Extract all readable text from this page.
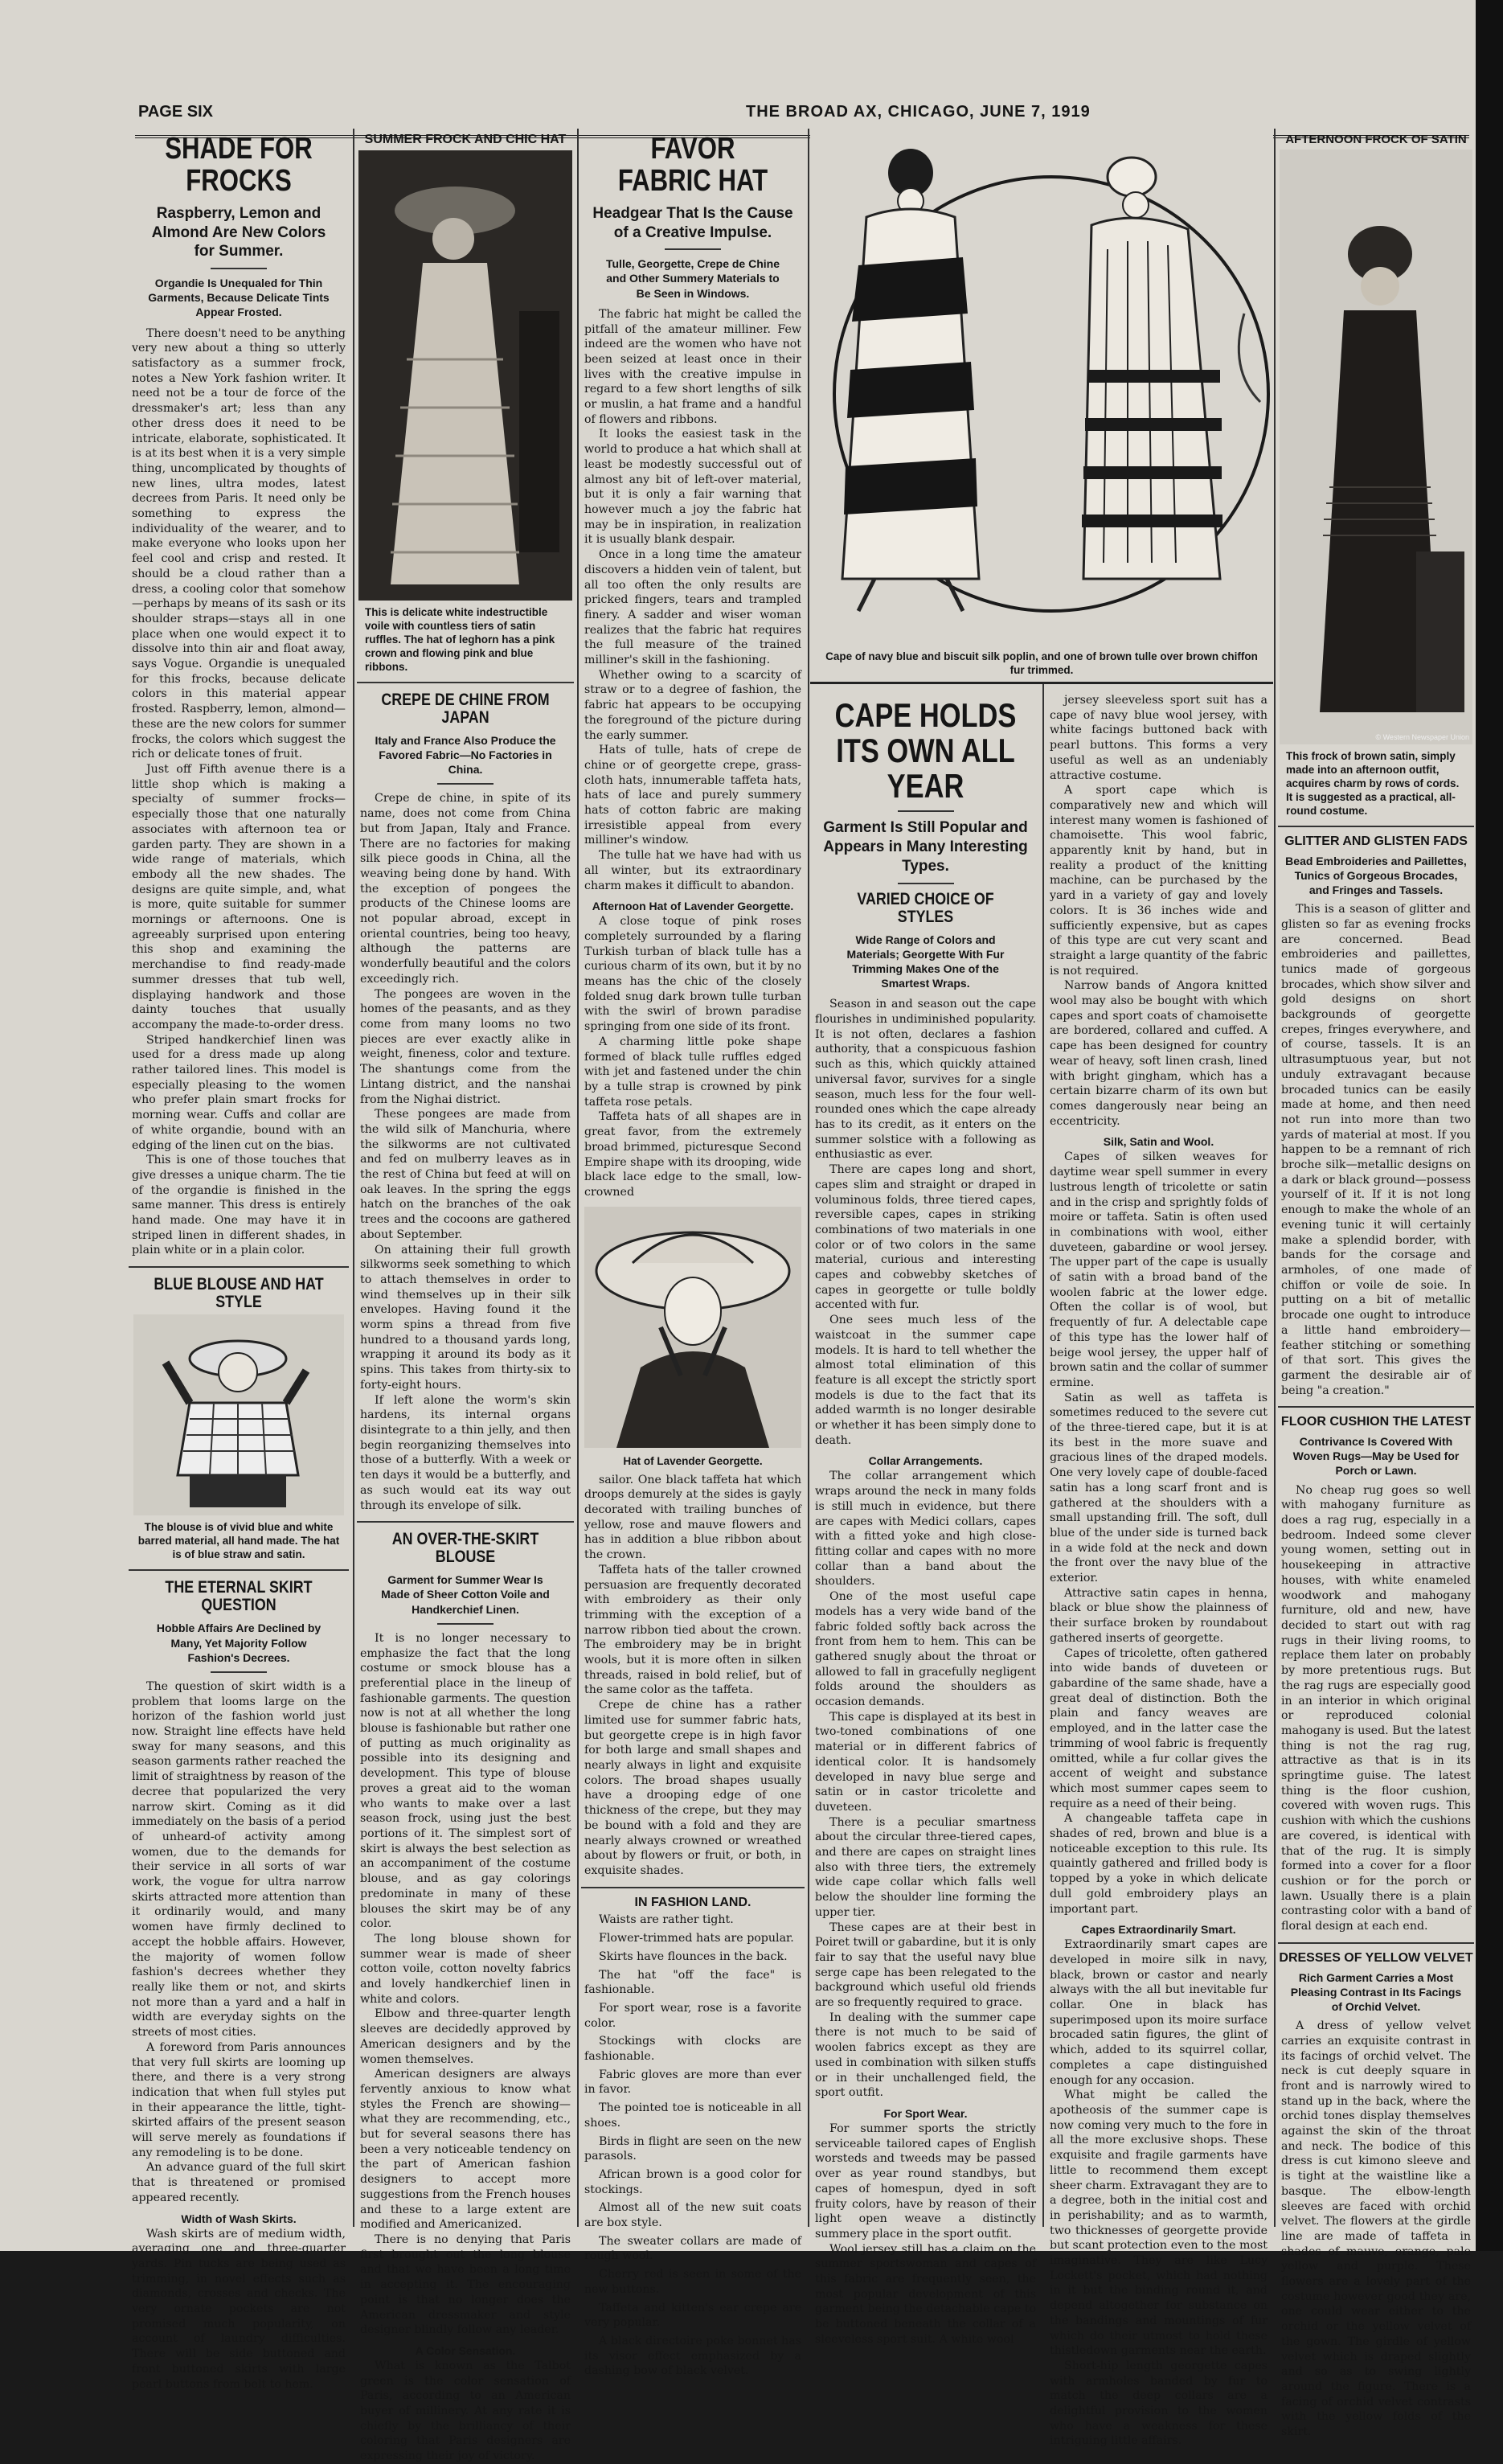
PAGE SIX	THE BROAD AX, CHICAGO, JUNE 7, 1919
SHADE FOR FROCKS
Raspberry, Lemon and Almond Are New Colors for Summer.
Organdie Is Unequaled for Thin Garments, Because Delicate Tints Appear Frosted.

There doesn't need to be anything very new about a thing so utterly satisfactory as a summer frock, notes a New York fashion writer. It need not be a tour de force of the dressmaker's art; less than any other dress does it need to be intricate, elaborate, sophisticated. It is at its best when it is a very simple thing, uncomplicated by thoughts of new lines, ultra modes, latest decrees from Paris. It need only be something to express the individuality of the wearer, and to make everyone who looks upon her feel cool and crisp and rested. It should be a cloud rather than a dress, a cooling color that somehow—perhaps by means of its sash or its shoulder straps—stays all in one place when one would expect it to dissolve into thin air and float away, says Vogue. Organdie is unequaled for this frocks, because delicate colors in this material appear frosted. Raspberry, lemon, almond—these are the new colors for summer frocks, the colors which suggest the rich or delicate tones of fruit.

Just off Fifth avenue there is a little shop which is making a specialty of summer frocks—especially those that one naturally associates with afternoon tea or garden party. They are shown in a wide range of materials, which embody all the new shades. The designs are quite simple, and, what is more, quite suitable for summer mornings or afternoons. One is agreeably surprised upon entering this shop and examining the merchandise to find ready-made summer dresses that tub well, displaying handwork and those dainty touches that usually accompany the made-to-order dress.

Striped handkerchief linen was used for a dress made up along rather tailored lines. This model is especially pleasing to the women who prefer plain smart frocks for morning wear. Cuffs and collar are of white organdie, bound with an edging of the linen cut on the bias.

This is one of those touches that give dresses a unique charm. The tie of the organdie is finished in the same manner. This dress is entirely hand made. One may have it in striped linen in different shades, in plain white or in a plain color.

BLUE BLOUSE AND HAT STYLE
The blouse is of vivid blue and white barred material, all hand made. The hat is of blue straw and satin.
THE ETERNAL SKIRT QUESTION
Hobble Affairs Are Declined by Many, Yet Majority Follow Fashion's Decrees.

The question of skirt width is a problem that looms large on the horizon of the fashion world just now. Straight line effects have held sway for many seasons, and this season garments rather reached the limit of straightness by reason of the decree that popularized the very narrow skirt. Coming as it did immediately on the basis of a period of unheard-of activity among women, due to the demands for their service in all sorts of war work, the vogue for ultra narrow skirts attracted more attention than it ordinarily would, and many women have firmly declined to accept the hobble affairs. However, the majority of women follow fashion's decrees whether they really like them or not, and skirts not more than a yard and a half in width are everyday sights on the streets of most cities.

A foreword from Paris announces that very full skirts are looming up there, and there is a very strong indication that when full styles put in their appearance the little, tight-skirted affairs of the present season will serve merely as foundations if any remodeling is to be done.

An advance guard of the full skirt that is threatened or promised appeared recently.

Width of Wash Skirts.

Wash skirts are of medium width, averaging one and three-quarter yards. Pin tucks are being used as trimming, in novel effects such as diamonds, crosses and checks. The very ornate pockets are not promised much popularity, on account of laundry difficulties. There will be side buttoned and front buttoned skirts with large pearl buttons from belt to hem.

SUMMER FROCK AND CHIC HAT
This is delicate white indestructible voile with countless tiers of satin ruffles. The hat of leghorn has a pink crown and flowing pink and blue ribbons.
CREPE DE CHINE FROM JAPAN
Italy and France Also Produce the Favored Fabric—No Factories in China.

Crepe de chine, in spite of its name, does not come from China but from Japan, Italy and France. There are no factories for making silk piece goods in China, all the weaving being done by hand. With the exception of pongees the products of the Chinese looms are not popular abroad, except in oriental countries, being too heavy, although the patterns are wonderfully beautiful and the colors exceedingly rich.

The pongees are woven in the homes of the peasants, and as they come from many looms no two pieces are ever exactly alike in weight, fineness, color and texture. The shantungs come from the Lintang district, and the nanshai from the Nighai district.

These pongees are made from the wild silk of Manchuria, where the silkworms are not cultivated and fed on mulberry leaves as in the rest of China but feed at will on oak leaves. In the spring the eggs hatch on the branches of the oak trees and the cocoons are gathered about September.

On attaining their full growth silkworms seek something to which to attach themselves in order to wind themselves up in their silk envelopes. Having found it the worm spins a thread from five hundred to a thousand yards long, wrapping it around its body as it spins. This takes from thirty-six to forty-eight hours.

If left alone the worm's skin hardens, its internal organs disintegrate to a thin jelly, and then begin reorganizing themselves into those of a butterfly. With a week or ten days it would be a butterfly, and as such would eat its way out through its envelope of silk.

AN OVER-THE-SKIRT BLOUSE
Garment for Summer Wear Is Made of Sheer Cotton Voile and Handkerchief Linen.

It is no longer necessary to emphasize the fact that the long costume or smock blouse has a preferential place in the lineup of fashionable garments. The question now is not at all whether the long blouse is fashionable but rather one of putting as much originality as possible into its designing and development. This type of blouse proves a great aid to the woman who wants to make over a last season frock, using just the best portions of it. The simplest sort of skirt is always the best selection as an accompaniment of the costume blouse, and as gay colorings predominate in many of these blouses the skirt may be of any color.

The long blouse shown for summer wear is made of sheer cotton voile, cotton novelty fabrics and lovely handkerchief linen in white and colors.

Elbow and three-quarter length sleeves are decidedly approved by American designers and by the women themselves.

American designers are always fervently anxious to know what styles the French are showing—what they are recommending, etc., but for several seasons there has been a very noticeable tendency on the part of American fashion designers to accept more suggestions from the French houses and these to a large extent are modified and Americanized.

There is no denying that Paris first brought out the long blouse and that we have been a long time in accepting it. The encouraging point is that no longer does the American dressmaker and style designer blindly follow any leader.

A Color Sensation.

What is known as the Talbot green is the color sensation of Paris, according to an American buyer of millinery. At any rate it is chiefly by the brilliancy of their coloring that Paris designers are expressing their joy of victory.

FAVOR FABRIC HAT
Headgear That Is the Cause of a Creative Impulse.
Tulle, Georgette, Crepe de Chine and Other Summery Materials to Be Seen in Windows.

The fabric hat might be called the pitfall of the amateur milliner. Few indeed are the women who have not been seized at least once in their lives with the creative impulse in regard to a few short lengths of silk or muslin, a hat frame and a handful of flowers and ribbons.

It looks the easiest task in the world to produce a hat which shall at least be modestly successful out of almost any bit of left-over material, but it is only a fair warning that however much a joy the fabric hat may be in inspiration, in realization it is usually blank despair.

Once in a long time the amateur discovers a hidden vein of talent, but all too often the only results are pricked fingers, tears and trampled finery. A sadder and wiser woman realizes that the fabric hat requires the full measure of the trained milliner's skill in the fashioning.

Whether owing to a scarcity of straw or to a degree of fashion, the fabric hat appears to be occupying the foreground of the picture during the early summer.

Hats of tulle, hats of crepe de chine or of georgette crepe, grass-cloth hats, innumerable taffeta hats, hats of lace and purely summery hats of cotton fabric are making irresistible appeal from every milliner's window.

The tulle hat we have had with us all winter, but its extraordinary charm makes it difficult to abandon.

Afternoon Hat of Lavender Georgette.

A close toque of pink roses completely surrounded by a flaring Turkish turban of black tulle has a curious charm of its own, but it by no means has the chic of the closely folded snug dark brown tulle turban with the swirl of brown paradise springing from one side of its front.

A charming little poke shape formed of black tulle ruffles edged with jet and fastened under the chin by a tulle strap is crowned by pink taffeta rose petals.

Taffeta hats of all shapes are in great favor, from the extremely broad brimmed, picturesque Second Empire shape with its drooping, wide black lace edge to the small, low-crowned

Hat of Lavender Georgette.

sailor. One black taffeta hat which droops demurely at the sides is gayly decorated with trailing bunches of yellow, rose and mauve flowers and has in addition a blue ribbon about the crown.

Taffeta hats of the taller crowned persuasion are frequently decorated with embroidery as their only trimming with the exception of a narrow ribbon tied about the crown. The embroidery may be in bright wools, but it is more often in silken threads, raised in bold relief, but of the same color as the taffeta.

Crepe de chine has a rather limited use for summer fabric hats, but georgette crepe is in high favor for both large and small shapes and nearly always in light and exquisite colors. The broad shapes usually have a drooping edge of one thickness of the crepe, but they may be bound with a fold and they are nearly always crowned or wreathed about by flowers or fruit, or both, in exquisite shades.

IN FASHION LAND.

Waists are rather tight.

Flower-trimmed hats are popular.

Skirts have flounces in the back.

The hat "off the face" is fashionable.

For sport wear, rose is a favorite color.

Stockings with clocks are fashionable.

Fabric gloves are more than ever in favor.

The pointed toe is noticeable in all shoes.

Birds in flight are seen on the new parasols.

African brown is a good color for stockings.

Almost all of the new suit coats are box style.

The sweater collars are made of rough wool.

Cherry red is seen in some of the new buttons.

Taffeta and kitten's ear crepe are very popular.

A black directoire poke bonnet has its visor effect emphasized by a dashing bow of black velvet.

Cape of navy blue and biscuit silk poplin, and one of brown tulle over brown chiffon fur trimmed.
CAPE HOLDS ITS OWN ALL YEAR
Garment Is Still Popular and Appears in Many Interesting Types.
VARIED CHOICE OF STYLES
Wide Range of Colors and Materials; Georgette With Fur Trimming Makes One of the Smartest Wraps.

Season in and season out the cape flourishes in undiminished popularity. It is not often, declares a fashion authority, that a conspicuous fashion such as this, which quickly attained universal favor, survives for a single season, much less for the four well-rounded ones which the cape already has to its credit, as it enters on the summer solstice with a following as enthusiastic as ever.

There are capes long and short, capes slim and straight or draped in voluminous folds, three tiered capes, reversible capes, capes in striking combinations of two materials in one color or of two colors in the same material, curious and interesting capes and cobwebby sketches of capes in georgette or tulle boldly accented with fur.

One sees much less of the waistcoat in the summer cape models. It is hard to tell whether the almost total elimination of this feature is all except the strictly sport models is due to the fact that its added warmth is no longer desirable or whether it has been simply done to death.

Collar Arrangements.

The collar arrangement which wraps around the neck in many folds is still much in evidence, but there are capes with Medici collars, capes with a fitted yoke and high close-fitting collar and capes with no more collar than a band about the shoulders.

One of the most useful cape models has a very wide band of the fabric folded softly back across the front from hem to hem. This can be gathered snugly about the throat or allowed to fall in gracefully negligent folds around the shoulders as occasion demands.

This cape is displayed at its best in two-toned combinations of one material or in different fabrics of identical color. It is handsomely developed in navy blue serge and satin or in castor tricolette and duveteen.

There is a peculiar smartness about the circular three-tiered capes, and there are capes on straight lines also with three tiers, the extremely wide cape collar which falls well below the shoulder line forming the upper tier.

These capes are at their best in Poiret twill or gabardine, but it is only fair to say that the useful navy blue serge cape has been relegated to the background which useful old friends are so frequently required to grace.

In dealing with the summer cape there is not much to be said of woolen fabrics except as they are used in combination with silken stuffs or in their unchallenged field, the sport outfit.

For Sport Wear.

For summer sports the strictly serviceable tailored capes of English worsteds and tweeds may be passed over as year round standbys, but capes of homespun, dyed in soft fruity colors, have by reason of their light open weave a distinctly summery place in the sport outfit.

Wool jersey still has a claim on the summer sportswoman and capes of this fabric are frequently seen, the most popular development of this garment being the detachable cape to be buttoned beneath the collar of a sleeveless sport suit. A white wool

jersey sleeveless sport suit has a cape of navy blue wool jersey, with white facings buttoned back with pearl buttons. This forms a very useful as well as an undeniably attractive costume.

A sport cape which is comparatively new and which will interest many women is fashioned of chamoisette. This wool fabric, apparently knit by hand, but in reality a product of the knitting machine, can be purchased by the yard in a variety of gay and lovely colors. It is 36 inches wide and sufficiently expensive, but as capes of this type are cut very scant and straight a large quantity of the fabric is not required.

Narrow bands of Angora knitted wool may also be bought with which capes and sport coats of chamoisette are bordered, collared and cuffed. A cape has been designed for country wear of heavy, soft linen crash, lined with bright gingham, which has a certain bizarre charm of its own but comes dangerously near being an eccentricity.

Silk, Satin and Wool.

Capes of silken weaves for daytime wear spell summer in every lustrous length of tricolette or satin and in the crisp and sprightly folds of moire or taffeta. Satin is often used in combinations with wool, either duveteen, gabardine or wool jersey. The upper part of the cape is usually of satin with a broad band of the woolen fabric at the lower edge. Often the collar is of wool, but frequently of fur. A delectable cape of this type has the lower half of beige wool jersey, the upper half of brown satin and the collar of summer ermine.

Satin as well as taffeta is sometimes reduced to the severe cut of the three-tiered cape, but it is at its best in the more suave and gracious lines of the draped models. One very lovely cape of double-faced satin has a long scarf front and is gathered at the shoulders with a small upstanding frill. The soft, dull blue of the under side is turned back in a wide fold at the neck and down the front over the navy blue of the exterior.

Attractive satin capes in henna, black or blue show the plainness of their surface broken by roundabout gathered inserts of georgette.

Capes of tricolette, often gathered into wide bands of duveteen or gabardine of the same shade, have a great deal of distinction. Both the plain and fancy weaves are employed, and in the latter case the trimming of wool fabric is frequently omitted, while a fur collar gives the accent of weight and substance which most summer capes seem to require as a need of their being.

A changeable taffeta cape in shades of red, brown and blue is a noticeable exception to this rule. Its quaintly gathered and frilled body is topped by a yoke in which delicate dull gold embroidery plays an important part.

Capes Extraordinarily Smart.

Extraordinarily smart capes are developed in moire silk in navy, black, brown or castor and nearly always with the all but inevitable fur collar. One in black has superimposed upon its moire surface brocaded satin figures, the glint of which, added to its squirrel collar, completes a cape distinguished enough for any occasion.

What might be called the apotheosis of the summer cape is now coming very much to the fore in all the more exclusive shops. These exquisite and fragile garments have little to recommend them except sheer charm. Extravagant they are to a degree, both in the initial cost and in perishability; and as to warmth, two thicknesses of georgette provide but scant protection even to the most imaginative. They are like Lucy Lockett's pocket, which had nothing in it but the binding round it, and depend altogether for substance on the bandings and mountings of fur which do their utmost to hold these thistledown garments near the earth.

Short-hip length georgette capes with armholes banded by fur to match the deep collars are a delightful provision to the women who have a weakness for these intriguing little affairs.

AFTERNOON FROCK OF SATIN
© Western Newspaper Union
This frock of brown satin, simply made into an afternoon outfit, acquires charm by rows of cords. It is suggested as a practical, all-round costume.
GLITTER AND GLISTEN FADS
Bead Embroideries and Paillettes, Tunics of Gorgeous Brocades, and Fringes and Tassels.

This is a season of glitter and glisten so far as evening frocks are concerned. Bead embroideries and paillettes, tunics made of gorgeous brocades, which show silver and gold designs on short backgrounds of georgette crepes, fringes everywhere, and of course, tassels. It is an ultrasumptuous year, but not unduly extravagant because brocaded tunics can be easily made at home, and then need not run into more than two yards of material at most. If you happen to be a remnant of rich broche silk—metallic designs on a dark or black ground—possess yourself of it. If it is not long enough to make the whole of an evening tunic it will certainly make a splendid border, with bands for the corsage and armholes, of one made of chiffon or voile de soie. In putting on a bit of metallic brocade one ought to introduce a little hand embroidery—feather stitching or something of that sort. This gives the garment the desirable air of being "a creation."

FLOOR CUSHION THE LATEST
Contrivance Is Covered With Woven Rugs—May be Used for Porch or Lawn.

No cheap rug goes so well with mahogany furniture as does a rag rug, especially in a bedroom. Indeed some clever young women, setting out in housekeeping in attractive houses, with white enameled woodwork and mahogany furniture, old and new, have decided to start out with rag rugs in their living rooms, to replace them later on probably by more pretentious rugs. But the rag rugs are especially good in an interior in which original or reproduced colonial mahogany is used. But the latest thing is not the rag rug, attractive as that is in its springtime guise. The latest thing is the floor cushion, covered with woven rugs. This cushion with which the cushions are covered, is identical with that of the rug. It is simply formed into a cover for a floor cushion or for the porch or lawn. Usually there is a plain contrasting color with a band of floral design at each end.

DRESSES OF YELLOW VELVET
Rich Garment Carries a Most Pleasing Contrast in Its Facings of Orchid Velvet.

A dress of yellow velvet carries an exquisite contrast in its facings of orchid velvet. The neck is cut deeply square in front and is narrowly wired to stand up in the back, where the orchid tones display themselves against the skin of the throat and neck. The bodice of this dress is cut kimono sleeve and is tight at the waistline like a basque. The elbow-length sleeves are faced with orchid velvet. The flowers at the girdle line are made of taffeta in shades of mauve, orange, pale yellow and purple. These flowers are a lovely part of the costume however good they are, one could wear either to the orchid or the yellow velvet of the gown. The girdle of yellow velvet which is draped slightly and so as to swing lightly around the figure. There is a facing of orchid velvet contrasts with the yellow folds of the skirt.
